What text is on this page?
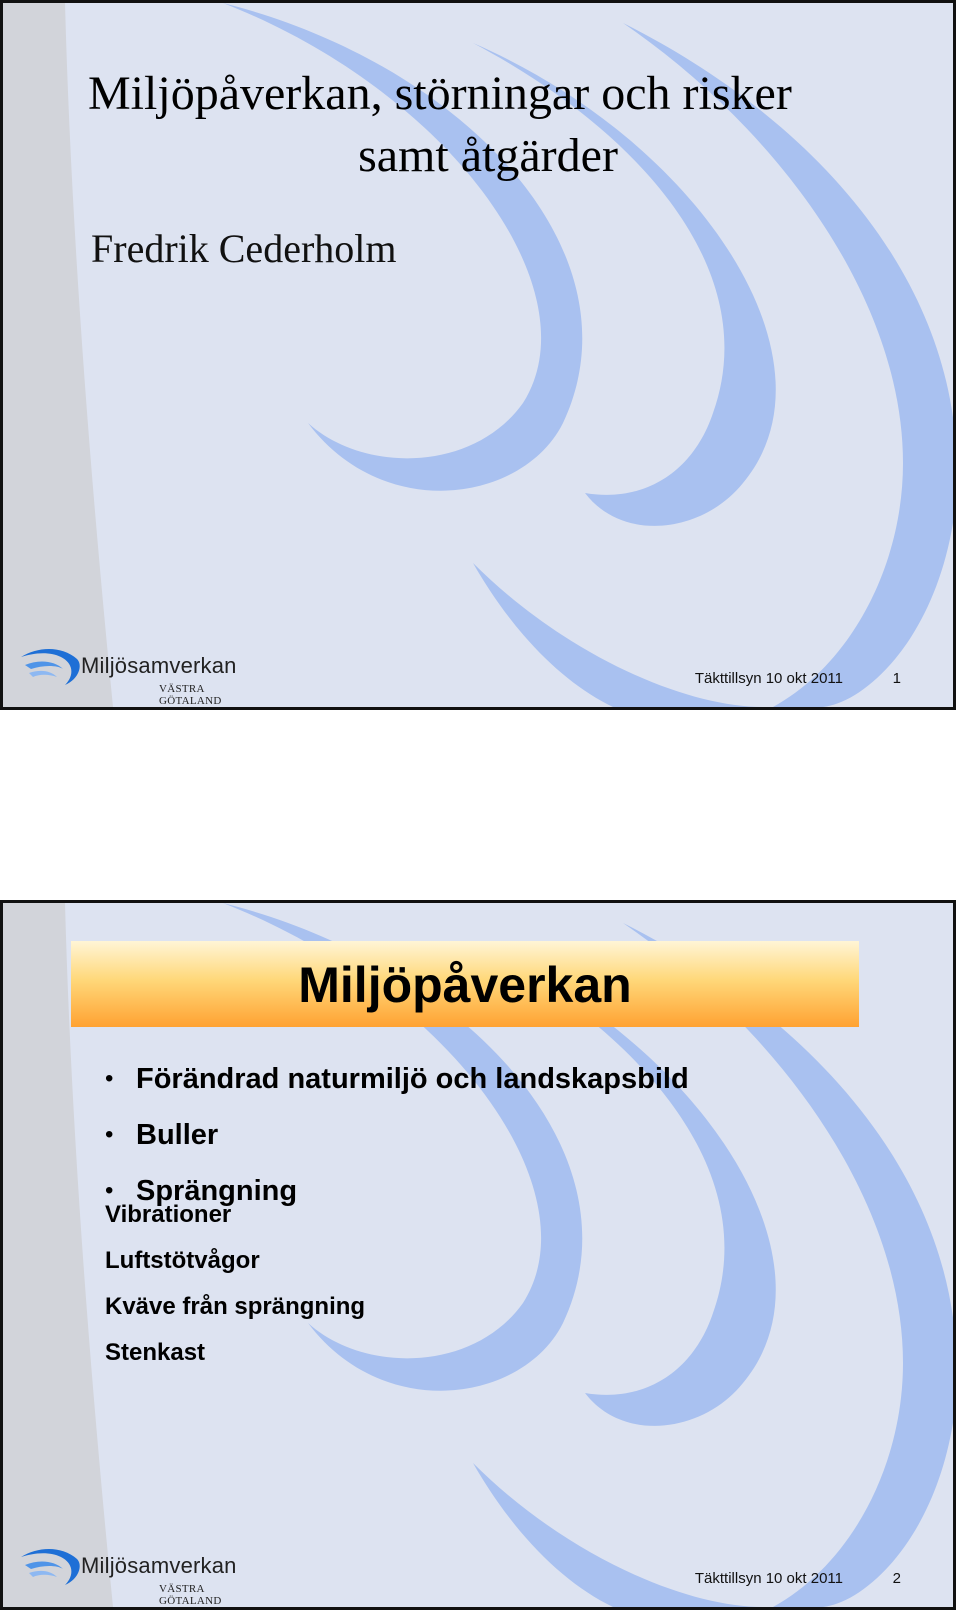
Miljöpåverkan, störningar och risker
samt åtgärder
Fredrik Cederholm
Miljösamverkan
VÄSTRA GÖTALAND
Täkttillsyn 10 okt 2011	1
Miljöpåverkan
• Förändrad naturmiljö och landskapsbild
• Buller
• Sprängning
Vibrationer
Luftstötvågor
Kväve från sprängning
Stenkast
Miljösamverkan
VÄSTRA GÖTALAND
Täkttillsyn 10 okt 2011	2
